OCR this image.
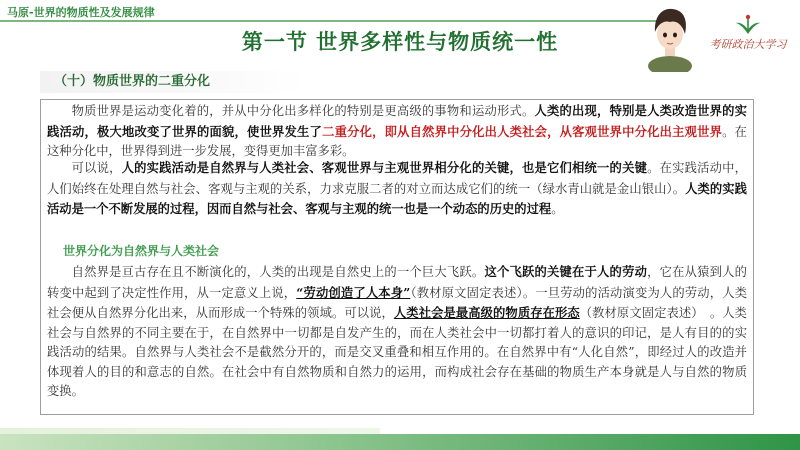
马原-世界的物质性及发展规律
第一节 世界多样性与物质统一性	考研政治大学习
（十）物质世界的二重分化

物质世界是运动变化着的，并从中分化出多样化的特别是更高级的事物和运动形式。人类的出现，特别是人类改造世界的实践活动，极大地改变了世界的面貌，使世界发生了二重分化，即从自然界中分化出人类社会，从客观世界中分化出主观世界。在这种分化中，世界得到进一步发展，变得更加丰富多彩。

可以说，人的实践活动是自然界与人类社会、客观世界与主观世界相分化的关键，也是它们相统一的关键。在实践活动中，人们始终在处理自然与社会、客观与主观的关系，力求克服二者的对立而达成它们的统一（绿水青山就是金山银山）。人类的实践活动是一个不断发展的过程，因而自然与社会、客观与主观的统一也是一个动态的历史的过程。

世界分化为自然界与人类社会

自然界是亘古存在且不断演化的，人类的出现是自然史上的一个巨大飞跃。这个飞跃的关键在于人的劳动，它在从猿到人的转变中起到了决定性作用，从一定意义上说，“劳动创造了人本身”（教材原文固定表述）。一旦劳动的活动演变为人的劳动，人类社会便从自然界分化出来，从而形成一个特殊的领域。可以说，人类社会是最高级的物质存在形态（教材原文固定表述）　。人类社会与自然界的不同主要在于，在自然界中一切都是自发产生的，而在人类社会中一切都打着人的意识的印记，是人有目的的实践活动的结果。自然界与人类社会不是截然分开的，而是交叉重叠和相互作用的。在自然界中有“人化自然”，即经过人的改造并体现着人的目的和意志的自然。在社会中有自然物质和自然力的运用，而构成社会存在基础的物质生产本身就是人与自然的物质变换。
